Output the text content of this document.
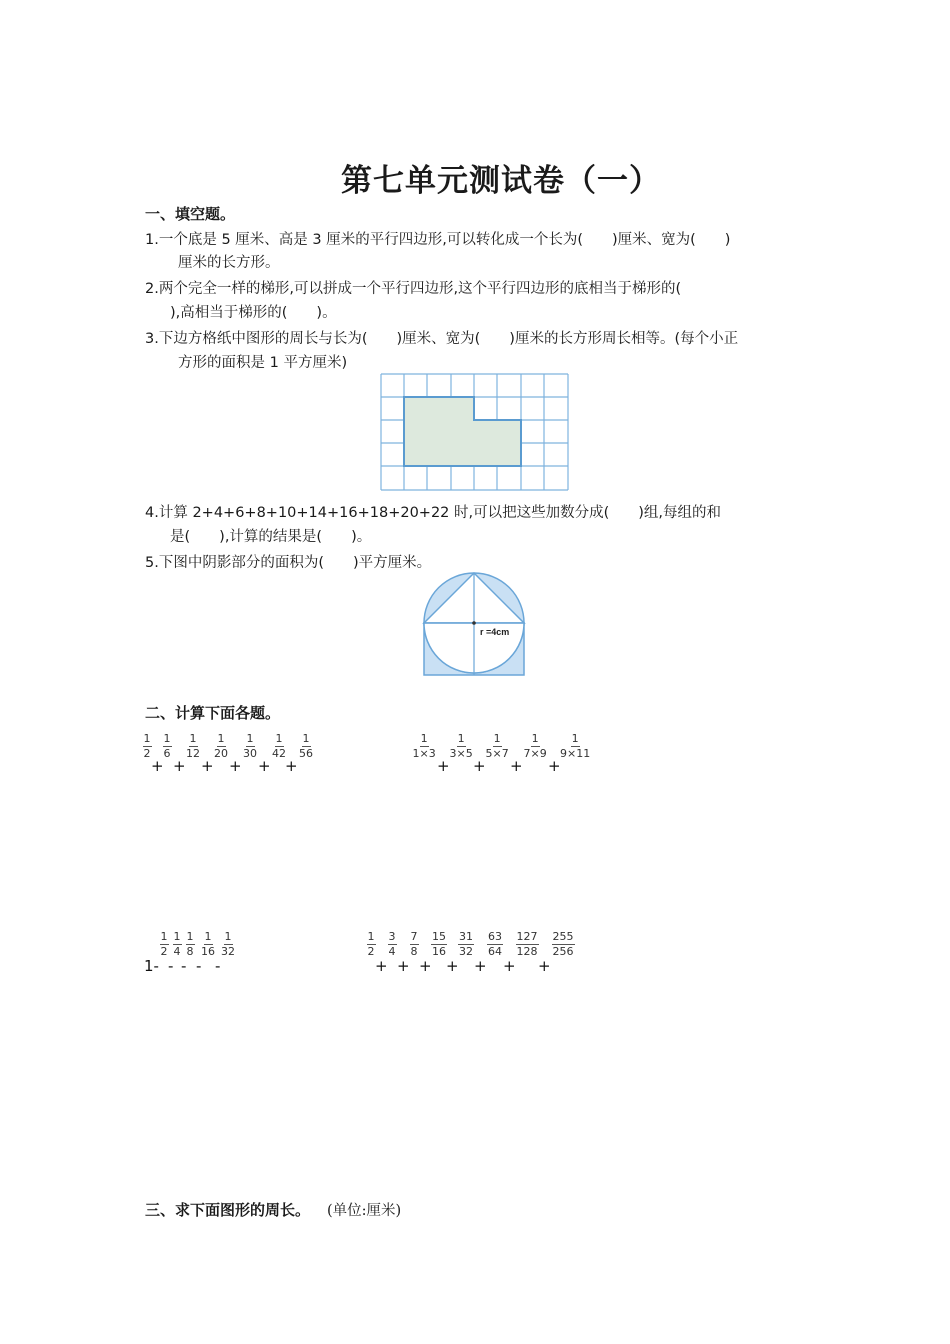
第七单元测试卷（一）
一、填空题。
1.一个底是 5 厘米、高是 3 厘米的平行四边形,可以转化成一个长为(　　)厘米、宽为(　　)
厘米的长方形。
2.两个完全一样的梯形,可以拼成一个平行四边形,这个平行四边形的底相当于梯形的(
),高相当于梯形的(　　)。
3.下边方格纸中图形的周长与长为(　　)厘米、宽为(　　)厘米的长方形周长相等。(每个小正
方形的面积是 1 平方厘米)
4.计算 2+4+6+8+10+14+16+18+20+22 时,可以把这些加数分成(　　)组,每组的和
是(　　),计算的结果是(　　)。
5.下图中阴影部分的面积为(　　)平方厘米。
r =4cm
二、计算下面各题。
$\frac{1}{2} \frac{1}{6} \frac{1}{12} \frac{1}{20} \frac{1}{30} \frac{1}{42} \frac{1}{56}$
+ + + + + +
$\frac{1}{1\times 3} \frac{1}{3\times 5} \frac{1}{5\times 7} \frac{1}{7\times 9} \frac{1}{9\times 11}$
+ + + +
1-
$\frac{1}{2} \frac{1}{4} \frac{1}{8} \frac{1}{16} \frac{1}{32}$
- - - -
$\frac{1}{2} \frac{3}{4} \frac{7}{8} \frac{15}{16} \frac{31}{32} \frac{63}{64} \frac{127}{128} \frac{255}{256}$
+ + + + + + +
三、求下面图形的周长。 (单位:厘米)
